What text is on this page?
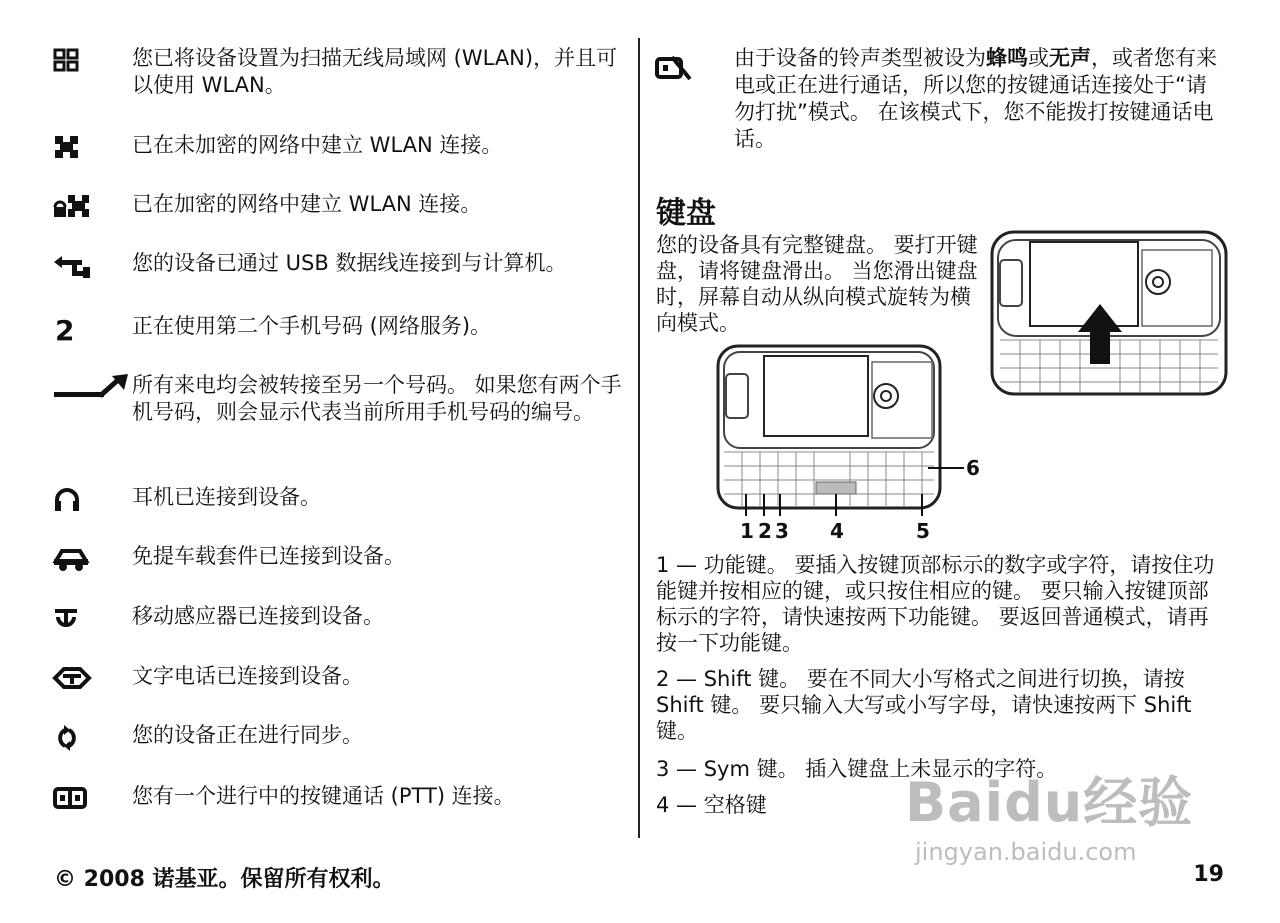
您已将设备设置为扫描无线局域网 (WLAN)，并且可以使用 WLAN。
已在未加密的网络中建立 WLAN 连接。
已在加密的网络中建立 WLAN 连接。
您的设备已通过 USB 数据线连接到与计算机。
2	正在使用第二个手机号码 (网络服务)。
所有来电均会被转接至另一个号码。 如果您有两个手机号码，则会显示代表当前所用手机号码的编号。
耳机已连接到设备。
免提车载套件已连接到设备。
移动感应器已连接到设备。
文字电话已连接到设备。
您的设备正在进行同步。
您有一个进行中的按键通话 (PTT) 连接。
© 2008 诺基亚。保留所有权利。
由于设备的铃声类型被设为蜂鸣或无声，或者您有来电或正在进行通话，所以您的按键通话连接处于“请勿打扰”模式。 在该模式下，您不能拨打按键通话电话。
键盘
您的设备具有完整键盘。 要打开键盘，请将键盘滑出。 当您滑出键盘时，屏幕自动从纵向模式旋转为横向模式。
1 2 3 4	5
6
1 — 功能键。 要插入按键顶部标示的数字或字符，请按住功能键并按相应的键，或只按住相应的键。 要只输入按键顶部标示的字符，请快速按两下功能键。 要返回普通模式，请再按一下功能键。
2 — Shift 键。 要在不同大小写格式之间进行切换，请按 Shift 键。 要只输入大写或小写字母，请快速按两下 Shift 键。
3 — Sym 键。 插入键盘上未显示的字符。
4 — 空格键
19
Baidu经验
jingyan.baidu.com
